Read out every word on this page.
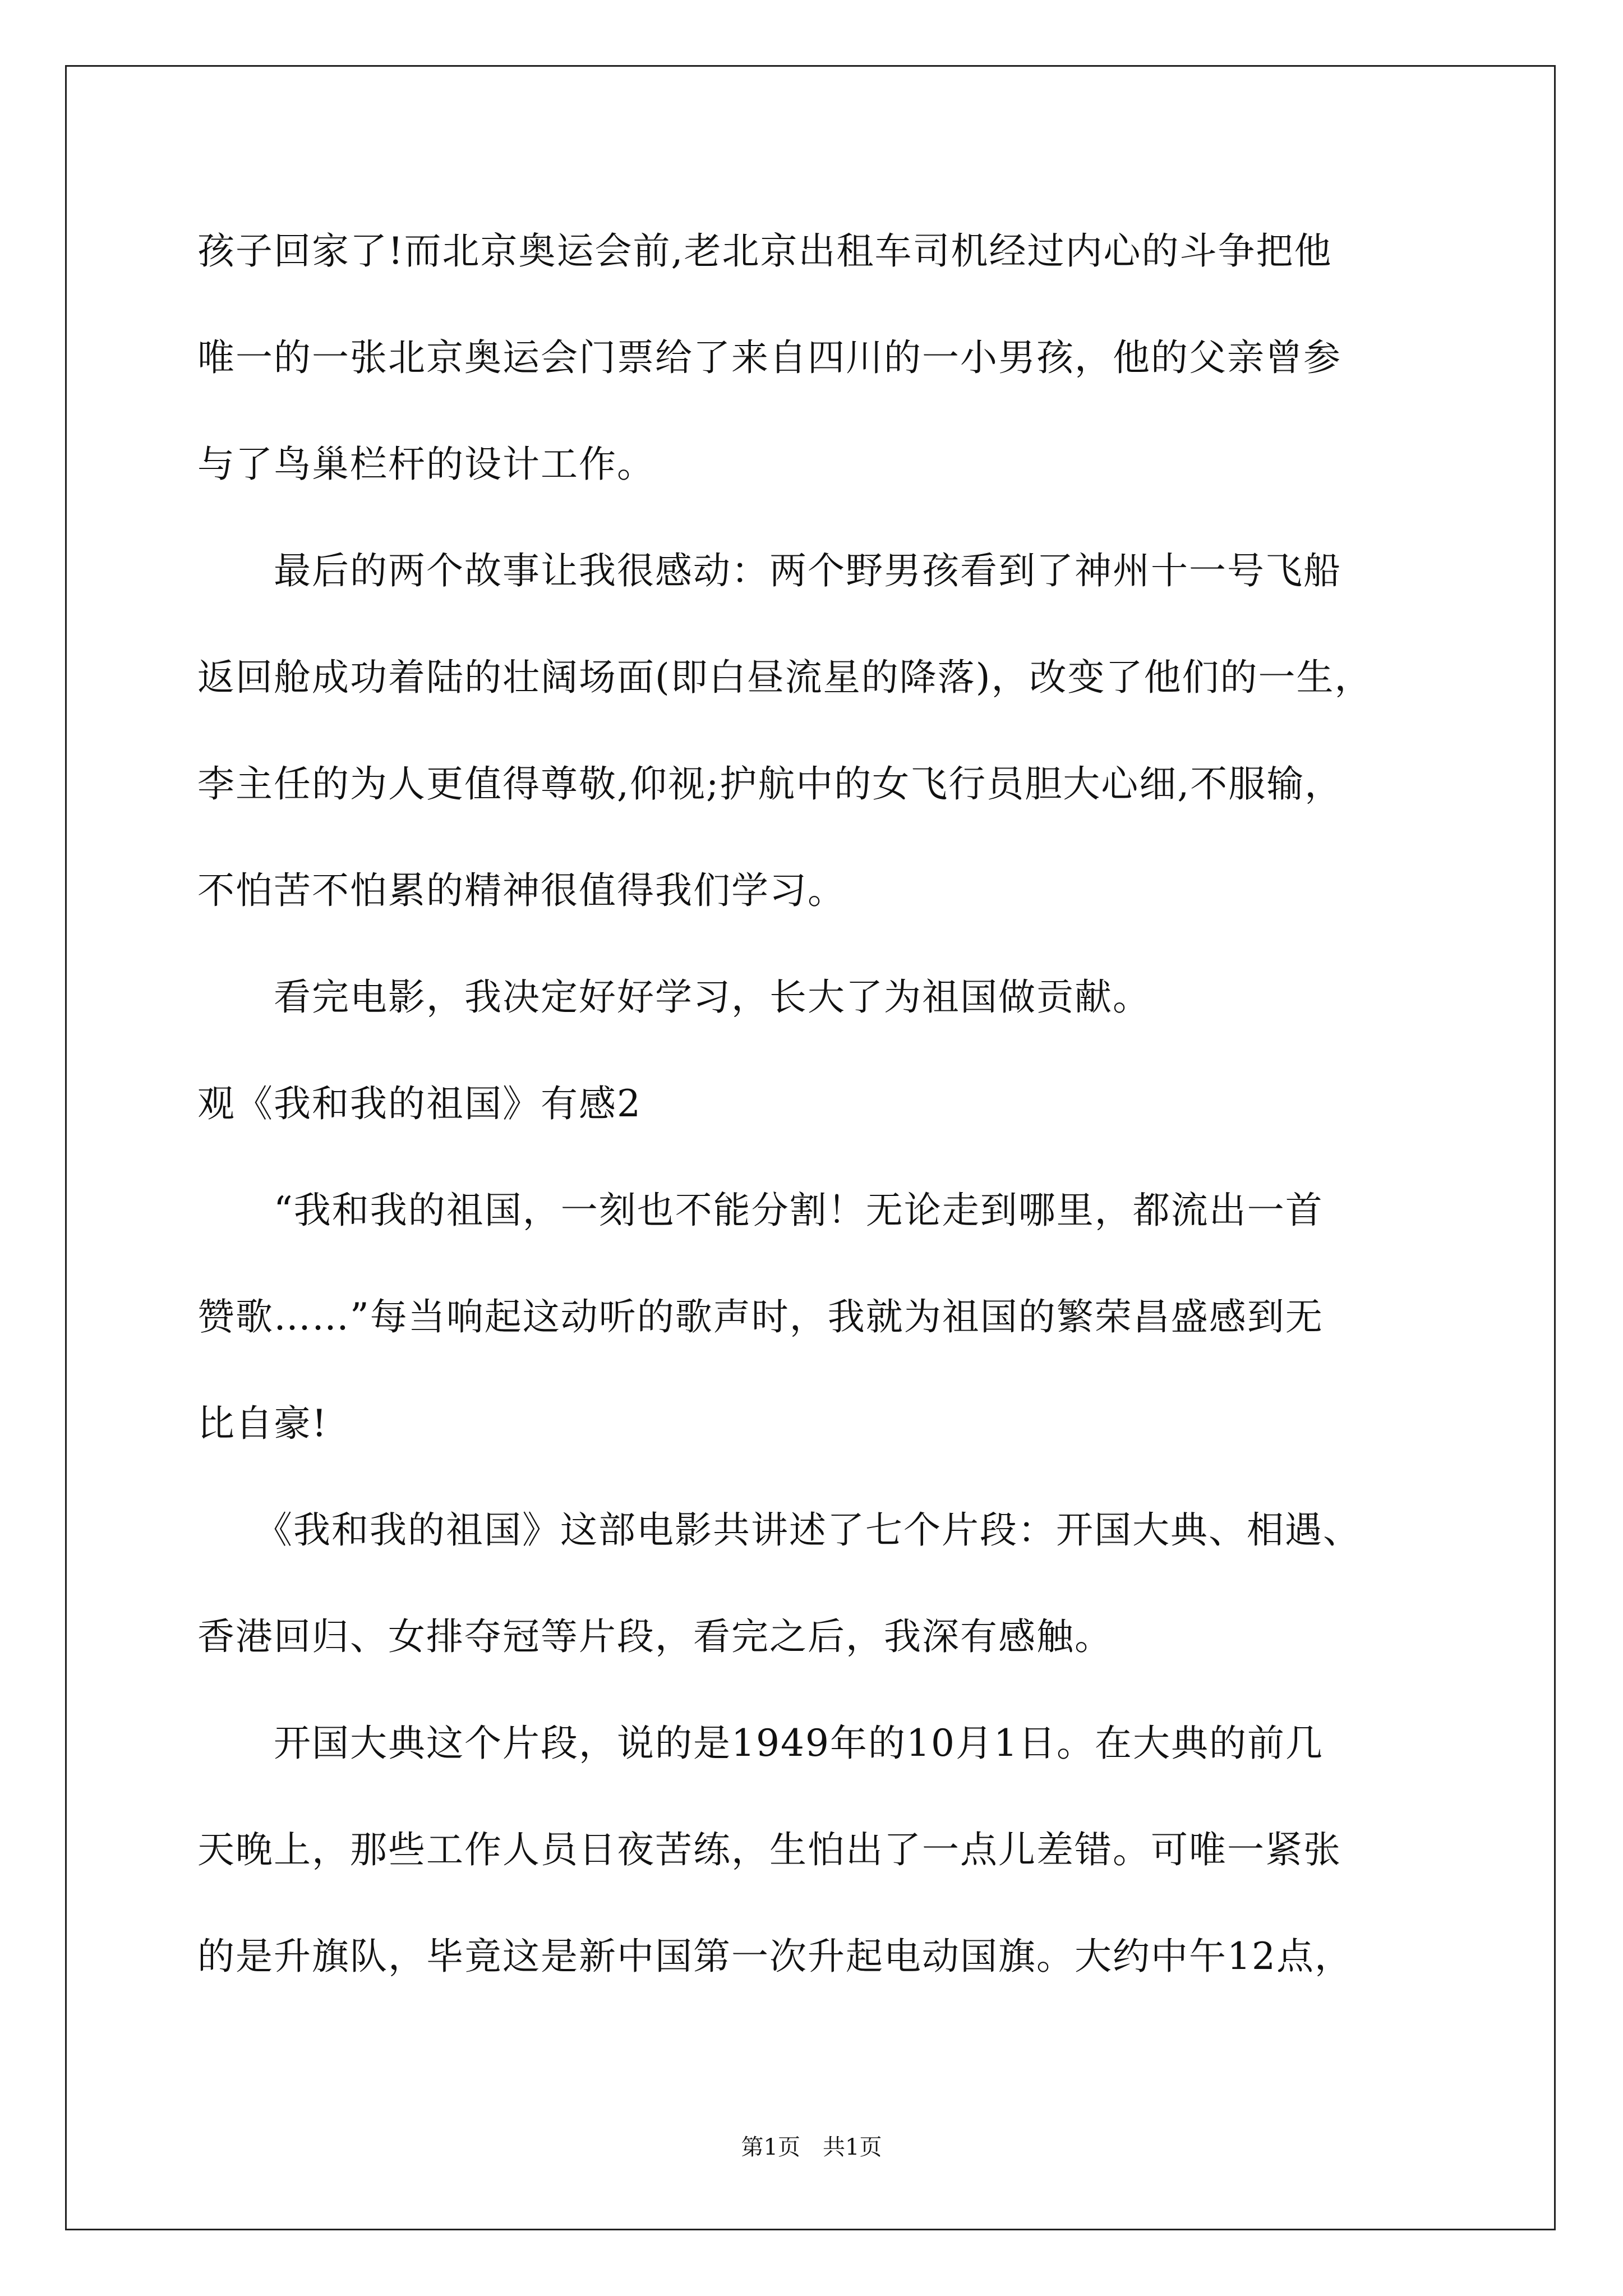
孩子回家了!而北京奥运会前,老北京出租车司机经过内心的斗争把他
唯一的一张北京奥运会门票给了来自四川的一小男孩，他的父亲曾参
与了鸟巢栏杆的设计工作。
　　最后的两个故事让我很感动：两个野男孩看到了神州十一号飞船
返回舱成功着陆的壮阔场面(即白昼流星的降落)，改变了他们的一生，
李主任的为人更值得尊敬,仰视;护航中的女飞行员胆大心细,不服输，
不怕苦不怕累的精神很值得我们学习。
　　看完电影，我决定好好学习，长大了为祖国做贡献。
观《我和我的祖国》有感2
　　“我和我的祖国，一刻也不能分割！无论走到哪里，都流出一首
赞歌……”每当响起这动听的歌声时，我就为祖国的繁荣昌盛感到无
比自豪!
　　《我和我的祖国》这部电影共讲述了七个片段：开国大典、相遇、
香港回归、女排夺冠等片段，看完之后，我深有感触。
　　开国大典这个片段，说的是1949年的10月1日。在大典的前几
天晚上，那些工作人员日夜苦练，生怕出了一点儿差错。可唯一紧张
的是升旗队，毕竟这是新中国第一次升起电动国旗。大约中午12点，
第1页　共1页
